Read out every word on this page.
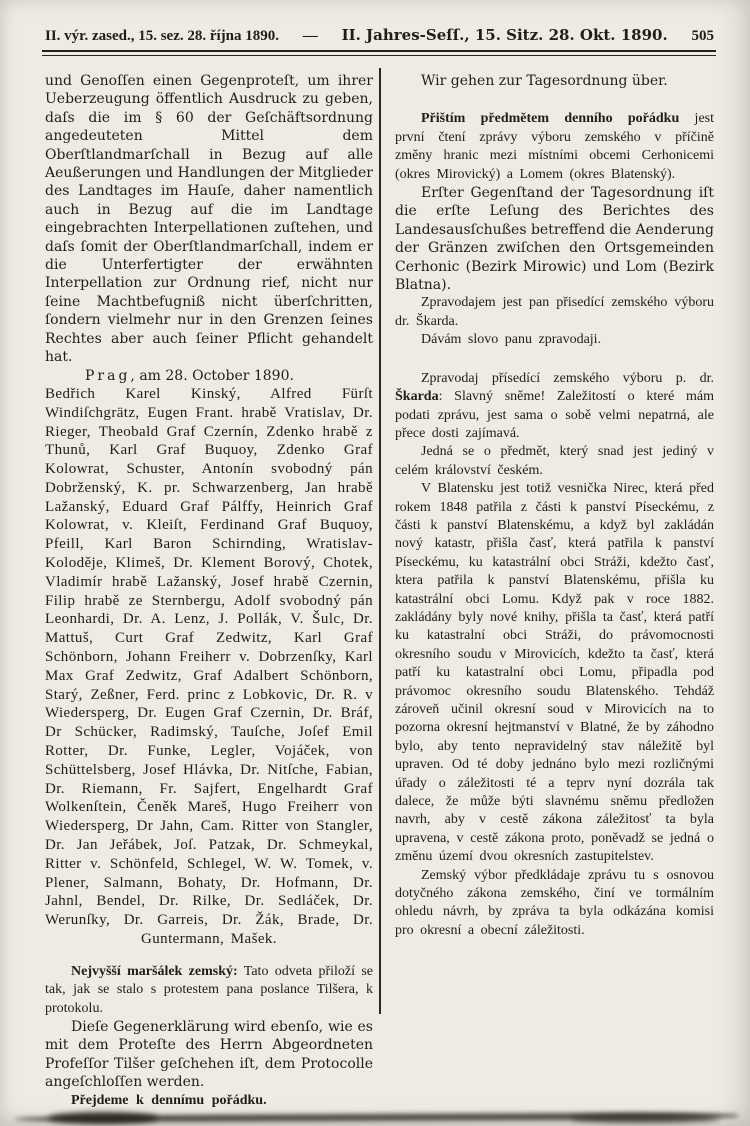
II. výr. zased., 15. sez. 28. října 1890. — II. Jahres-Seſſ., 15. Sitz. 28. Okt. 1890. 505

und Genoſſen einen Gegenproteſt, um ihrer Ueberzeugung öffentlich Ausdruck zu geben, daſs die im § 60 der Geſchäftsordnung angedeuteten Mittel dem Oberſtlandmarſchall in Bezug auf alle Aeußerungen und Handlungen der Mitglieder des Landtages im Hauſe, daher namentlich auch in Bezug auf die im Landtage eingebrachten Interpellationen zuſtehen, und daſs ſomit der Oberſtlandmarſchall, indem er die Unterfertigter der erwähnten Interpellation zur Ordnung rief, nicht nur ſeine Machtbefugniß nicht überſchritten, ſondern vielmehr nur in den Grenzen ſeines Rechtes aber auch ſeiner Pflicht gehandelt hat.

Prag, am 28. October 1890.

Bedřich Karel Kinský, Alfred Fürſt Windiſchgrätz, Eugen Frant. hrabě Vratislav, Dr. Rieger, Theobald Graf Czernín, Zdenko hrabě z Thunů, Karl Graf Buquoy, Zdenko Graf Kolowrat, Schuster, Antonín svobodný pán Dobrženský, K. pr. Schwarzenberg, Jan hrabě Lažanský, Eduard Graf Pálffy, Heinrich Graf Kolowrat, v. Kleiſt, Ferdinand Graf Buquoy, Pfeill, Karl Baron Schirnding, Wratislav-Koloděje, Klimeš, Dr. Klement Borový, Chotek, Vladimír hrabě Lažanský, Josef hrabě Czernin, Filip hrabě ze Sternbergu, Adolf svobodný pán Leonhardi, Dr. A. Lenz, J. Pollák, V. Šulc, Dr. Mattuš, Curt Graf Zedwitz, Karl Graf Schönborn, Johann Freiherr v. Dobrzenſky, Karl Max Graf Zedwitz, Graf Adalbert Schönborn, Starý, Zeßner, Ferd. princ z Lobkovic, Dr. R. v Wiedersperg, Dr. Eugen Graf Czernin, Dr. Bráf, Dr Schücker, Radimský, Tauſche, Joſef Emil Rotter, Dr. Funke, Legler, Vojáček, von Schüttelsberg, Josef Hlávka, Dr. Nitſche, Fabian, Dr. Riemann, Fr. Sajfert, Engelhardt Graf Wolkenſtein, Čeněk Mareš, Hugo Freiherr von Wiedersperg, Dr Jahn, Cam. Ritter von Stangler, Dr. Jan Jeřábek, Joſ. Patzak, Dr. Schmeykal, Ritter v. Schönfeld, Schlegel, W. W. Tomek, v. Plener, Salmann, Bohaty, Dr. Hofmann, Dr. Jahnl, Bendel, Dr. Rilke, Dr. Sedláček, Dr. Werunſky, Dr. Garreis, Dr. Žák, Brade, Dr. Guntermann, Mašek.

Nejvyšší maršálek zemský: Tato odveta přiloží se tak, jak se stalo s protestem pana poslance Tilšera, k protokolu.

Dieſe Gegenerklärung wird ebenſo, wie es mit dem Proteſte des Herrn Abgeordneten Profeſſor Tilšer geſchehen iſt, dem Protocolle angeſchloſſen werden.

Přejdeme k dennímu pořádku.

Wir gehen zur Tagesordnung über.

Přištím předmětem denního pořádku jest první čtení zprávy výboru zemského v příčině změny hranic mezi místními obcemi Cerhonicemi (okres Mirovický) a Lomem (okres Blatenský).

Erſter Gegenſtand der Tagesordnung iſt die erſte Leſung des Berichtes des Landesausſchußes betreffend die Aenderung der Gränzen zwiſchen den Ortsgemeinden Cerhonic (Bezirk Mirowic) und Lom (Bezirk Blatna).

Zpravodajem jest pan přisedící zemského výboru dr. Škarda.

Dávám slovo panu zpravodaji.

Zpravodaj přísedící zemského výboru p. dr. Škarda: Slavný sněme! Zaležitostí o které mám podati zprávu, jest sama o sobě velmi nepatrná, ale přece dosti zajímavá.

Jedná se o předmět, který snad jest jediný v celém království českém.

V Blatensku jest totiž vesnička Nirec, která před rokem 1848 patřila z části k panství Píseckému, z části k panství Blatenskému, a když byl zakládán nový katastr, přišla časť, která patřila k panství Píseckému, ku katastrální obci Stráži, kdežto časť, ktera patřila k panství Blatenskému, přišla ku katastrální obci Lomu. Když pak v roce 1882. zakládány byly nové knihy, přišla ta časť, která patří ku katastralní obci Stráži, do právomocnosti okresního soudu v Mirovicích, kdežto ta časť, která patří ku katastralní obci Lomu, připadla pod právomoc okresního soudu Blatenského. Tehdáž zároveň učinil okresní soud v Mirovicích na to pozorna okresní hejtmanství v Blatné, že by záhodno bylo, aby tento nepravidelný stav náležitě byl upraven. Od té doby jednáno bylo mezi rozličnými úřady o záležitosti té a teprv nyní dozrála tak dalece, že může býti slavnému sněmu předložen navrh, aby v cestě zákona záležitosť ta byla upravena, v cestě zákona proto, poněvadž se jedná o změnu území dvou okresních zastupitelstev.

Zemský výbor předkládaje zprávu tu s osnovou dotyčného zákona zemského, činí ve tormálním ohledu návrh, by zpráva ta byla odkázána komisi pro okresní a obecní záležitosti.
